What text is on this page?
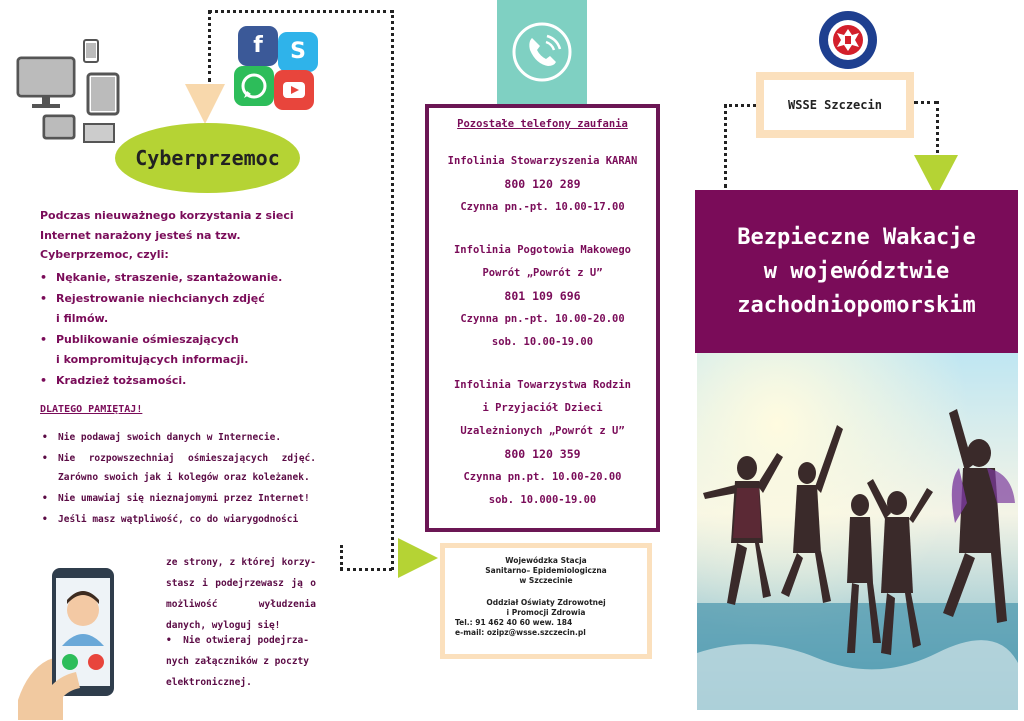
f	S
Cyberprzemoc

Podczas nieuważnego korzystania z sieci Internet narażony jesteś na tzw. Cyberprzemoc, czyli:

• Nękanie, straszenie, szantażowanie.

• Rejestrowanie niechcianych zdjęć

i filmów.

• Publikowanie ośmieszających

i kompromitujących informacji.

• Kradzież tożsamości.

DLATEGO PAMIĘTAJ!
• Nie podawaj swoich danych w Internecie.
• Nie rozpowszechniaj ośmieszających zdjęć. Zarówno swoich jak i kolegów oraz koleżanek.
• Nie umawiaj się nieznajomymi przez Internet!
• Jeśli masz wątpliwość, co do wiarygodności
ze strony, z której korzy-stasz i podejrzewasz ją o możliwość wyłudzenia danych, wyloguj się!
•  Nie otwieraj podejrza-nych załączników z poczty elektronicznej.
Pozostałe telefony zaufania
Infolinia Stowarzyszenia KARAN
800 120 289
Czynna pn.-pt. 10.00-17.00
Infolinia Pogotowia Makowego
Powrót „Powrót z U”
801 109 696
Czynna pn.-pt. 10.00-20.00
sob. 10.00-19.00
Infolinia Towarzystwa Rodzin
i Przyjaciół Dzieci
Uzależnionych „Powrót z U”
800 120 359
Czynna pn.pt. 10.00-20.00
sob. 10.000-19.00
Wojewódzka Stacja
Sanitarno– Epidemiologiczna
w Szczecinie
Oddział Oświaty Zdrowotnej
i Promocji Zdrowia
Tel.: 91 462 40 60 wew. 184
e-mail: ozipz@wsse.szczecin.pl
WSSE Szczecin
Bezpieczne Wakacje
w województwie
zachodniopomorskim
